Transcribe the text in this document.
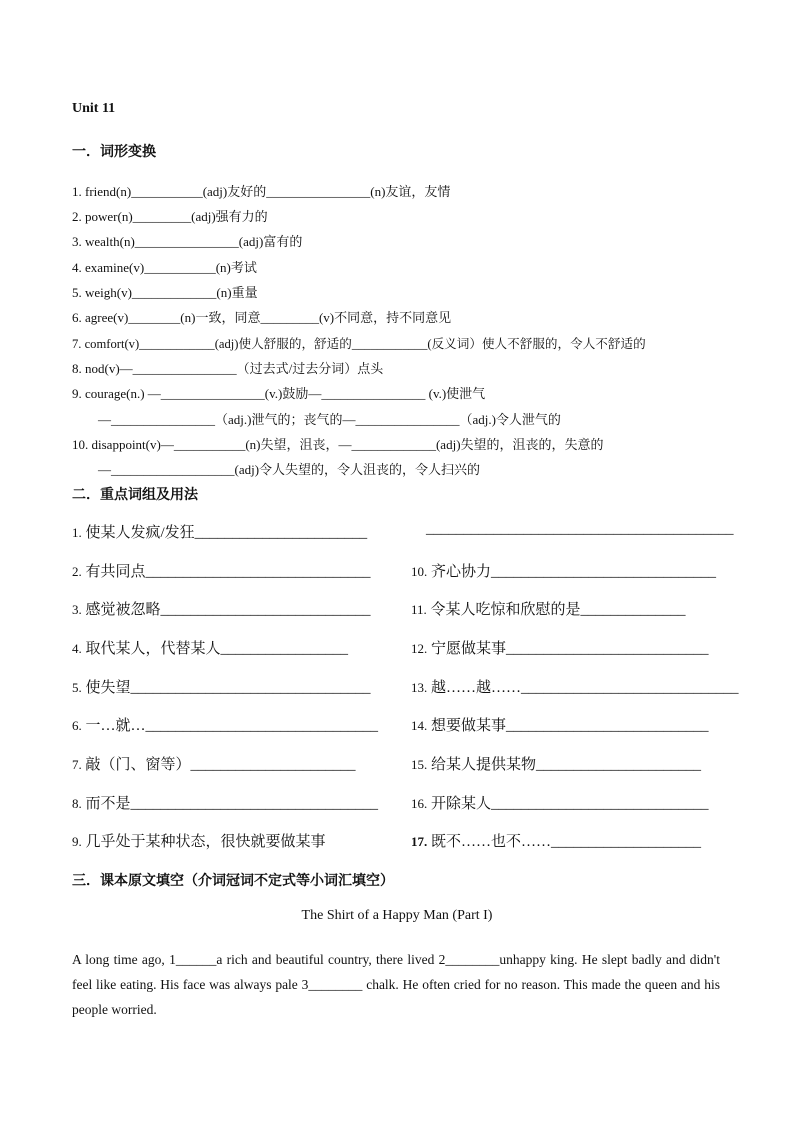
Unit 11
一．词形变换
1. friend(n)___________(adj)友好的________________(n)友谊，友情
2. power(n)_________(adj)强有力的
3. wealth(n)________________(adj)富有的
4. examine(v)___________(n)考试
5. weigh(v)_____________(n)重量
6. agree(v)________(n)一致，同意_________(v)不同意，持不同意见
7. comfort(v)____________(adj)使人舒服的，舒适的____________(反义词）使人不舒服的，令人不舒适的
8. nod(v)—________________（过去式/过去分词）点头
9. courage(n.) —________________(v.)鼓励—________________ (v.)使泄气
—________________（adj.)泄气的；丧气的—________________（adj.)令人泄气的
10. disappoint(v)—___________(n)失望，沮丧，—_____________(adj)失望的，沮丧的，失意的
—___________________(adj)令人失望的，令人沮丧的，令人扫兴的
二．重点词组及用法
1. 使某人发疯/发狂_______________________
2. 有共同点______________________________
3. 感觉被忽略____________________________
4. 取代某人，代替某人_________________
5. 使失望________________________________
6. 一…就…_______________________________
7. 敲（门、窗等）______________________
8. 而不是_________________________________
9. 几乎处于某种状态，很快就要做某事
_________________________________________
10. 齐心协力______________________________
11. 令某人吃惊和欣慰的是______________
12. 宁愿做某事___________________________
13. 越……越……_____________________________
14. 想要做某事___________________________
15. 给某人提供某物______________________
16. 开除某人_____________________________
17. 既不……也不……____________________
三．课本原文填空（介词冠词不定式等小词汇填空）
The Shirt of a Happy Man (Part I)
A long time ago, 1______a rich and beautiful country, there lived 2________unhappy king. He slept badly and didn't feel like eating. His face was always pale 3________ chalk. He often cried for no reason. This made the queen and his people worried.
